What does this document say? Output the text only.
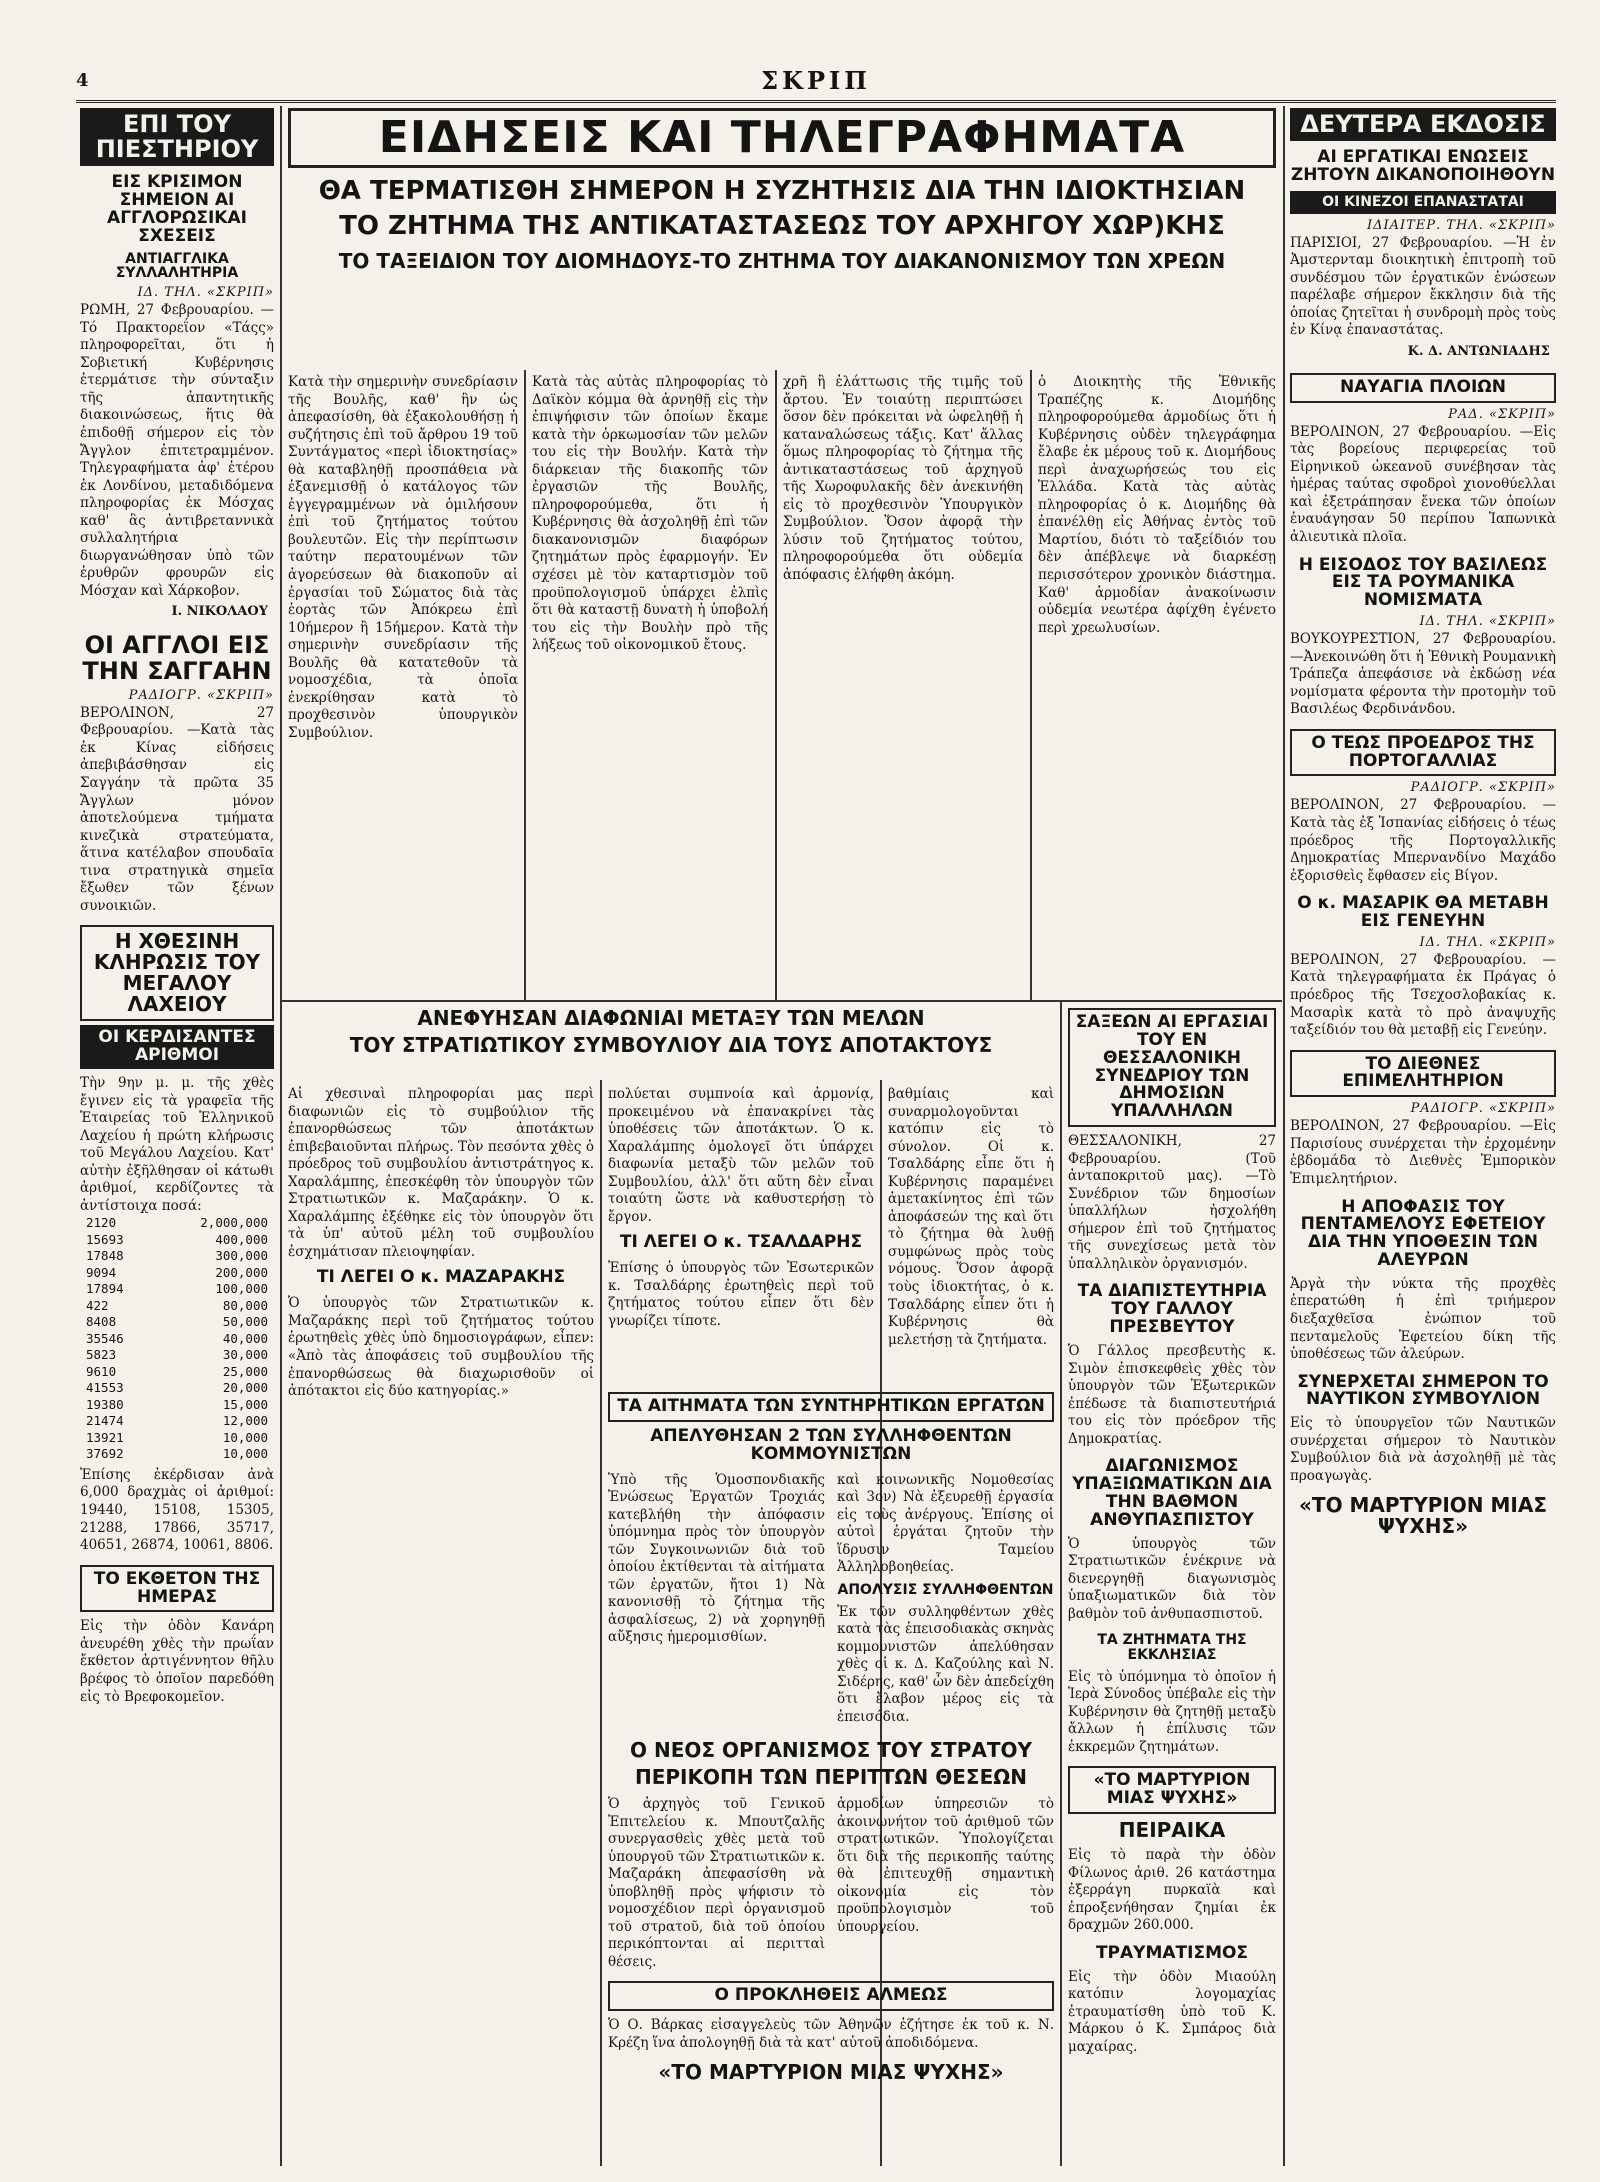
4	ΣΚΡΙΠ
ΕΠΙ ΤΟΥ ΠΙΕΣΤΗΡΙΟΥ
ΕΙΣ ΚΡΙΣΙΜΟΝ ΣΗΜΕΙΟΝ ΑΙ ΑΓΓΛΟΡΩΣΙΚΑΙ ΣΧΕΣΕΙΣ
ΑΝΤΙΑΓΓΛΙΚΑ ΣΥΛΛΑΛΗΤΗΡΙΑ
ΙΔ. ΤΗΛ. «ΣΚΡΙΠ»

ΡΩΜΗ, 27 Φεβρουαρίου. —Τό Πρακτορεΐον «Τάςς» πληροφορεῖται, ὅτι ἡ Σοβιετική Κυβέρνησις ἐτερμάτισε τὴν σύνταξιν τῆς ἀπαντητικῆς διακοινώσεως, ἥτις θὰ ἐπιδοθῇ σήμερον εἰς τὸν Ἄγγλον ἐπιτετραμμένον. Τηλεγραφήματα ἀφ' ἑτέρου ἐκ Λονδίνου, μεταδιδόμενα πληροφορίας ἐκ Μόσχας καθ' ἃς ἀντιβρεταννικὰ συλλαλητήρια διωργανώθησαν ὑπὸ τῶν ἐρυθρῶν φρουρῶν εἰς Μόσχαν καὶ Χάρκοβον.

Ι. ΝΙΚΟΛΑΟΥ
ΟΙ ΑΓΓΛΟΙ ΕΙΣ ΤΗΝ ΣΑΓΓΑΗΝ
ΡΑΔΙΟΓΡ. «ΣΚΡΙΠ»

ΒΕΡΟΛΙΝΟΝ, 27 Φεβρουαρίου. —Κατὰ τὰς ἐκ Κίνας εἰδήσεις ἀπεβιβάσθησαν εἰς Σαγγάην τὰ πρῶτα 35 Ἄγγλων μόνον ἀποτελούμενα τμήματα κινεζικὰ στρατεύματα, ἅτινα κατέλαβον σπουδαῖα τινα στρατηγικὰ σημεῖα ἔξωθεν τῶν ξένων συνοικιῶν.

Η ΧΘΕΣΙΝΗ ΚΛΗΡΩΣΙΣ ΤΟΥ ΜΕΓΑΛΟΥ ΛΑΧΕΙΟΥ
ΟΙ ΚΕΡΔΙΣΑΝΤΕΣ ΑΡΙΘΜΟΙ

Τὴν 9ην μ. μ. τῆς χθὲς ἔγινεν εἰς τὰ γραφεῖα τῆς Ἑταιρείας τοῦ Ἑλληνικοῦ Λαχείου ἡ πρώτη κλήρωσις τοῦ Μεγάλου Λαχείου. Κατ' αὐτὴν ἐξῆλθησαν οἱ κάτωθι ἀριθμοί, κερδίζοντες τὰ ἀντίστοιχα ποσά:

2120	2,000,000
15693	400,000
17848	300,000
9094	200,000
17894	100,000
422	80,000
8408	50,000
35546	40,000
5823	30,000
9610	25,000
41553	20,000
19380	15,000
21474	12,000
13921	10,000
37692	10,000

Ἐπίσης ἐκέρδισαν ἀνὰ 6,000 δραχμὰς οἱ ἀριθμοί: 19440, 15108, 15305, 21288, 17866, 35717, 40651, 26874, 10061, 8806.

ΤΟ ΕΚΘΕΤΟΝ ΤΗΣ ΗΜΕΡΑΣ

Εἰς τὴν ὁδὸν Κανάρη ἀνευρέθη χθὲς τὴν πρωΐαν ἔκθετον ἀρτιγέννητον θῆλυ βρέφος τὸ ὁποῖον παρεδόθη εἰς τὸ Βρεφοκομεῖον.

ΕΙΔΗΣΕΙΣ ΚΑΙ ΤΗΛΕΓΡΑΦΗΜΑΤΑ
ΘΑ ΤΕΡΜΑΤΙΣΘΗ ΣΗΜΕΡΟΝ Η ΣΥΖΗΤΗΣΙΣ ΔΙΑ ΤΗΝ ΙΔΙΟΚΤΗΣΙΑΝ
ΤΟ ΖΗΤΗΜΑ ΤΗΣ ΑΝΤΙΚΑΤΑΣΤΑΣΕΩΣ ΤΟΥ ΑΡΧΗΓΟΥ ΧΩΡ)ΚΗΣ
ΤΟ ΤΑΞΕΙΔΙΟΝ ΤΟΥ ΔΙΟΜΗΔΟΥΣ-ΤΟ ΖΗΤΗΜΑ ΤΟΥ ΔΙΑΚΑΝΟΝΙΣΜΟΥ ΤΩΝ ΧΡΕΩΝ

Κατὰ τὴν σημερινὴν συνεδρίασιν τῆς Βουλῆς, καθ' ἣν ὡς ἀπεφασίσθη, θὰ ἐξακολουθήσῃ ἡ συζήτησις ἐπὶ τοῦ ἄρθρου 19 τοῦ Συντάγματος «περὶ ἰδιοκτησίας» θὰ καταβληθῇ προσπάθεια νὰ ἐξανεμισθῇ ὁ κατάλογος τῶν ἐγγεγραμμένων νὰ ὁμιλήσουν ἐπὶ τοῦ ζητήματος τούτου βουλευτῶν. Εἰς τὴν περίπτωσιν ταύτην περατουμένων τῶν ἀγορεύσεων θὰ διακοποῦν αἱ ἐργασίαι τοῦ Σώματος διὰ τὰς ἑορτὰς τῶν Ἀπόκρεω ἐπὶ 10ήμερον ἢ 15ήμερον. Κατὰ τὴν σημερινὴν συνεδρίασιν τῆς Βουλῆς θὰ κατατεθοῦν τὰ νομοσχέδια, τὰ ὁποῖα ἐνεκρίθησαν κατὰ τὸ προχθεσινὸν ὑπουργικὸν Συμβούλιον.

Κατὰ τὰς αὐτὰς πληροφορίας τὸ Δαϊκὸν κόμμα θὰ ἀρνηθῇ εἰς τὴν ἐπιψήφισιν τῶν ὁποίων ἔκαμε κατὰ τὴν ὁρκωμοσίαν τῶν μελῶν του εἰς τὴν Βουλήν. Κατὰ τὴν διάρκειαν τῆς διακοπῆς τῶν ἐργασιῶν τῆς Βουλῆς, πληροφορούμεθα, ὅτι ἡ Κυβέρνησις θὰ ἀσχοληθῇ ἐπὶ τῶν διακανονισμῶν διαφόρων ζητημάτων πρὸς ἐφαρμογήν. Ἐν σχέσει μὲ τὸν καταρτισμὸν τοῦ προϋπολογισμοῦ ὑπάρχει ἐλπὶς ὅτι θὰ καταστῇ δυνατὴ ἡ ὑποβολή του εἰς τὴν Βουλὴν πρὸ τῆς λήξεως τοῦ οἰκονομικοῦ ἔτους.

χρῆ ἢ ἐλάττωσις τῆς τιμῆς τοῦ ἄρτου. Ἐν τοιαύτῃ περιπτώσει ὅσον δὲν πρόκειται νὰ ὠφεληθῇ ἡ καταναλώσεως τάξις. Κατ' ἄλλας ὅμως πληροφορίας τὸ ζήτημα τῆς ἀντικαταστάσεως τοῦ ἀρχηγοῦ τῆς Χωροφυλακῆς δὲν ἀνεκινήθη εἰς τὸ προχθεσινὸν Ὑπουργικὸν Συμβούλιον. Ὅσον ἀφορᾷ τὴν λύσιν τοῦ ζητήματος τούτου, πληροφορούμεθα ὅτι οὐδεμία ἀπόφασις ἐλήφθη ἀκόμη.

ὁ Διοικητὴς τῆς Ἐθνικῆς Τραπέζης κ. Διομήδης πληροφορούμεθα ἁρμοδίως ὅτι ἡ Κυβέρνησις οὐδὲν τηλεγράφημα ἔλαβε ἐκ μέρους τοῦ κ. Διομήδους περὶ ἀναχωρήσεώς του εἰς Ἑλλάδα. Κατὰ τὰς αὐτὰς πληροφορίας ὁ κ. Διομήδης θὰ ἐπανέλθῃ εἰς Ἀθήνας ἐντὸς τοῦ Μαρτίου, διότι τὸ ταξείδιόν του δὲν ἀπέβλεψε νὰ διαρκέσῃ περισσότερον χρονικὸν διάστημα. Καθ' ἁρμοδίαν ἀνακοίνωσιν οὐδεμία νεωτέρα ἀφίχθη ἐγένετο περὶ χρεωλυσίων.

ΑΝΕΦΥΗΣΑΝ ΔΙΑΦΩΝΙΑΙ ΜΕΤΑΞΥ ΤΩΝ ΜΕΛΩΝ
ΤΟΥ ΣΤΡΑΤΙΩΤΙΚΟΥ ΣΥΜΒΟΥΛΙΟΥ ΔΙΑ ΤΟΥΣ ΑΠΟΤΑΚΤΟΥΣ

Αἱ χθεσιναὶ πληροφορίαι μας περὶ διαφωνιῶν εἰς τὸ συμβούλιον τῆς ἐπανορθώσεως τῶν ἀποτάκτων ἐπιβεβαιοῦνται πλήρως. Τὸν πεσόντα χθὲς ὁ πρόεδρος τοῦ συμβουλίου ἀντιστράτηγος κ. Χαραλάμπης, ἐπεσκέφθη τὸν ὑπουργὸν τῶν Στρατιωτικῶν κ. Μαζαράκην. Ὁ κ. Χαραλάμπης ἐξέθηκε εἰς τὸν ὑπουργὸν ὅτι τὰ ὑπ' αὐτοῦ μέλη τοῦ συμβουλίου ἐσχημάτισαν πλειοψηφίαν.

ΤΙ ΛΕΓΕΙ Ο κ. ΜΑΖΑΡΑΚΗΣ

Ὁ ὑπουργὸς τῶν Στρατιωτικῶν κ. Μαζαράκης περὶ τοῦ ζητήματος τούτου ἐρωτηθεὶς χθὲς ὑπὸ δημοσιογράφων, εἶπεν: «Ἀπὸ τὰς ἀποφάσεις τοῦ συμβουλίου τῆς ἐπανορθώσεως θὰ διαχωρισθοῦν οἱ ἀπότακτοι εἰς δύο κατηγορίας.»

πολύεται συμπνοία καὶ ἁρμονίᾳ, προκειμένου νὰ ἐπανακρίνει τὰς ὑποθέσεις τῶν ἀποτάκτων. Ὁ κ. Χαραλάμπης ὁμολογεῖ ὅτι ὑπάρχει διαφωνία μεταξὺ τῶν μελῶν τοῦ Συμβουλίου, ἀλλ' ὅτι αὕτη δὲν εἶναι τοιαύτη ὥστε νὰ καθυστερήσῃ τὸ ἔργον.

ΤΙ ΛΕΓΕΙ Ο κ. ΤΣΑΛΔΑΡΗΣ

Ἐπίσης ὁ ὑπουργὸς τῶν Ἐσωτερικῶν κ. Τσαλδάρης ἐρωτηθεὶς περὶ τοῦ ζητήματος τούτου εἶπεν ὅτι δὲν γνωρίζει τίποτε.

βαθμίαις καὶ συναρμολογοῦνται κατόπιν εἰς τὸ σύνολον. Οἱ κ. Τσαλδάρης εἶπε ὅτι ἡ Κυβέρνησις παραμένει ἀμετακίνητος ἐπὶ τῶν ἀποφάσεών της καὶ ὅτι τὸ ζήτημα θὰ λυθῇ συμφώνως πρὸς τοὺς νόμους. Ὅσον ἀφορᾷ τοὺς ἰδιοκτήτας, ὁ κ. Τσαλδάρης εἶπεν ὅτι ἡ Κυβέρνησις θὰ μελετήσῃ τὰ ζητήματα.

ΤΑ ΑΙΤΗΜΑΤΑ ΤΩΝ ΣΥΝΤΗΡΗΤΙΚΩΝ ΕΡΓΑΤΩΝ
ΑΠΕΛΥΘΗΣΑΝ 2 ΤΩΝ ΣΥΛΛΗΦΘΕΝΤΩΝ ΚΟΜΜΟΥΝΙΣΤΩΝ

Ὑπὸ τῆς Ὁμοσπονδιακῆς Ἑνώσεως Ἐργατῶν Τροχιάς κατεβλήθη τὴν ἀπόφασιν ὑπόμνημα πρὸς τὸν ὑπουργὸν τῶν Συγκοινωνιῶν διὰ τοῦ ὁποίου ἐκτίθενται τὰ αἰτήματα τῶν ἐργατῶν, ἤτοι 1) Νὰ κανονισθῇ τὸ ζήτημα τῆς ἀσφαλίσεως, 2) νὰ χορηγηθῇ αὔξησις ἡμερομισθίων.

καὶ κοινωνικῆς Νομοθεσίας καὶ 3ον) Νὰ ἐξευρεθῇ ἐργασία εἰς τοὺς ἀνέργους. Ἐπίσης οἱ αὐτοὶ ἐργάται ζητοῦν τὴν ἵδρυσιν Ταμείου Ἀλληλοβοηθείας.

ΑΠΟΛΥΣΙΣ ΣΥΛΛΗΦΘΕΝΤΩΝ

Ἐκ τῶν συλληφθέντων χθὲς κατὰ τὰς ἐπεισοδιακὰς σκηνὰς κομμουνιστῶν ἀπελύθησαν χθὲς οἱ κ. Δ. Καζούλης καὶ Ν. Σιδέρης, καθ' ὧν δὲν ἀπεδείχθη ὅτι ἔλαβον μέρος εἰς τὰ ἐπεισόδια.

Ο ΝΕΟΣ ΟΡΓΑΝΙΣΜΟΣ ΤΟΥ ΣΤΡΑΤΟΥ
ΠΕΡΙΚΟΠΗ ΤΩΝ ΠΕΡΙΤΤΩΝ ΘΕΣΕΩΝ

Ὁ ἀρχηγὸς τοῦ Γενικοῦ Ἐπιτελείου κ. Μπουτζαλῆς συνεργασθεὶς χθὲς μετὰ τοῦ ὑπουργοῦ τῶν Στρατιωτικῶν κ. Μαζαράκη ἀπεφασίσθη νὰ ὑποβληθῇ πρὸς ψήφισιν τὸ νομοσχέδιον περὶ ὀργανισμοῦ τοῦ στρατοῦ, διὰ τοῦ ὁποίου περικόπτονται αἱ περιτταὶ θέσεις.

ἁρμοδίων ὑπηρεσιῶν τὸ ἀκοινωνήτον τοῦ ἀριθμοῦ τῶν στρατιωτικῶν. Ὑπολογίζεται ὅτι διὰ τῆς περικοπῆς ταύτης θὰ ἐπιτευχθῇ σημαντικὴ οἰκονομία εἰς τὸν προϋπολογισμὸν τοῦ ὑπουργείου.

Ο ΠΡΟΚΛΗΘΕΙΣ ΑΛΜΕΩΣ

Ὁ Ο. Βάρκας εἰσαγγελεὺς τῶν Ἀθηνῶν ἐζήτησε ἐκ τοῦ κ. Ν. Κρέζη ἵνα ἀπολογηθῇ διὰ τὰ κατ' αὐτοῦ ἀποδιδόμενα.

«ΤΟ ΜΑΡΤΥΡΙΟΝ ΜΙΑΣ ΨΥΧΗΣ»
ΣΑΞΕΩΝ ΑΙ ΕΡΓΑΣΙΑΙ ΤΟΥ ΕΝ ΘΕΣΣΑΛΟΝΙΚΗ ΣΥΝΕΔΡΙΟΥ ΤΩΝ ΔΗΜΟΣΙΩΝ ΥΠΑΛΛΗΛΩΝ

ΘΕΣΣΑΛΟΝΙΚΗ, 27 Φεβρουαρίου. (Τοῦ ἀνταποκριτοῦ μας). —Τὸ Συνέδριον τῶν δημοσίων ὑπαλλήλων ἠσχολήθη σήμερον ἐπὶ τοῦ ζητήματος τῆς συνεχίσεως μετὰ τὸν ὑπαλληλικὸν ὀργανισμόν.

ΤΑ ΔΙΑΠΙΣΤΕΥΤΗΡΙΑ ΤΟΥ ΓΑΛΛΟΥ ΠΡΕΣΒΕΥΤΟΥ

Ὁ Γάλλος πρεσβευτὴς κ. Σιμὸν ἐπισκεφθεὶς χθὲς τὸν ὑπουργὸν τῶν Ἐξωτερικῶν ἐπέδωσε τὰ διαπιστευτήριά του εἰς τὸν πρόεδρον τῆς Δημοκρατίας.

ΔΙΑΓΩΝΙΣΜΟΣ ΥΠΑΞΙΩΜΑΤΙΚΩΝ ΔΙΑ ΤΗΝ ΒΑΘΜΟΝ ΑΝΘΥΠΑΣΠΙΣΤΟΥ

Ὁ ὑπουργὸς τῶν Στρατιωτικῶν ἐνέκρινε νὰ διενεργηθῇ διαγωνισμὸς ὑπαξιωματικῶν διὰ τὸν βαθμὸν τοῦ ἀνθυπασπιστοῦ.

ΤΑ ΖΗΤΗΜΑΤΑ ΤΗΣ ΕΚΚΛΗΣΙΑΣ

Εἰς τὸ ὑπόμνημα τὸ ὁποῖον ἡ Ἱερὰ Σύνοδος ὑπέβαλε εἰς τὴν Κυβέρνησιν θὰ ζητηθῇ μεταξὺ ἄλλων ἡ ἐπίλυσις τῶν ἐκκρεμῶν ζητημάτων.

«ΤΟ ΜΑΡΤΥΡΙΟΝ ΜΙΑΣ ΨΥΧΗΣ»
ΠΕΙΡΑΙΚΑ

Εἰς τὸ παρὰ τὴν ὁδὸν Φίλωνος ἀριθ. 26 κατάστημα ἐξερράγη πυρκαϊὰ καὶ ἐπροξενήθησαν ζημίαι ἐκ δραχμῶν 260.000.

ΤΡΑΥΜΑΤΙΣΜΟΣ

Εἰς τὴν ὁδὸν Μιαούλη κατόπιν λογομαχίας ἐτραυματίσθη ὑπὸ τοῦ Κ. Μάρκου ὁ Κ. Σμπάρος διὰ μαχαίρας.

ΔΕΥΤΕΡΑ ΕΚΔΟΣΙΣ
ΑΙ ΕΡΓΑΤΙΚΑΙ ΕΝΩΣΕΙΣ ΖΗΤΟΥΝ ΔΙΚΑΝΟΠΟΙΗΘΟΥΝ
ΟΙ ΚΙΝΕΖΟΙ ΕΠΑΝΑΣΤΑΤΑΙ
ΙΔΙΑΙΤΕΡ. ΤΗΛ. «ΣΚΡΙΠ»

ΠΑΡΙΣΙΟΙ, 27 Φεβρουαρίου. —Ἡ ἐν Ἀμστερνταμ διοικητικὴ ἐπιτροπὴ τοῦ συνδέσμου τῶν ἐργατικῶν ἑνώσεων παρέλαβε σήμερον ἔκκλησιν διὰ τῆς ὁποίας ζητεῖται ἡ συνδρομὴ πρὸς τοὺς ἐν Κίνᾳ ἐπαναστάτας.

Κ. Δ. ΑΝΤΩΝΙΑΔΗΣ
ΝΑΥΑΓΙΑ ΠΛΟΙΩΝ
ΡΑΔ. «ΣΚΡΙΠ»

ΒΕΡΟΛΙΝΟΝ, 27 Φεβρουαρίου. —Εἰς τὰς βορείους περιφερείας τοῦ Εἰρηνικοῦ ὠκεανοῦ συνέβησαν τὰς ἡμέρας ταύτας σφοδροὶ χιονοθύελλαι καὶ ἐξετράπησαν ἔνεκα τῶν ὁποίων ἐναυάγησαν 50 περίπου Ἰαπωνικὰ ἁλιευτικὰ πλοῖα.

Η ΕΙΣΟΔΟΣ ΤΟΥ ΒΑΣΙΛΕΩΣ ΕΙΣ ΤΑ ΡΟΥΜΑΝΙΚΑ ΝΟΜΙΣΜΑΤΑ
ΙΔ. ΤΗΛ. «ΣΚΡΙΠ»

ΒΟΥΚΟΥΡΕΣΤΙΟΝ, 27 Φεβρουαρίου. —Ἀνεκοινώθη ὅτι ἡ Ἐθνικὴ Ρουμανικὴ Τράπεζα ἀπεφάσισε νὰ ἐκδώσῃ νέα νομίσματα φέροντα τὴν προτομὴν τοῦ Βασιλέως Φερδινάνδου.

Ο ΤΕΩΣ ΠΡΟΕΔΡΟΣ ΤΗΣ ΠΟΡΤΟΓΑΛΛΙΑΣ
ΡΑΔΙΟΓΡ. «ΣΚΡΙΠ»

ΒΕΡΟΛΙΝΟΝ, 27 Φεβρουαρίου. —Κατὰ τὰς ἐξ Ἱσπανίας εἰδήσεις ὁ τέως πρόεδρος τῆς Πορτογαλλικῆς Δημοκρατίας Μπερνανδίνο Μαχάδο ἐξορισθεὶς ἔφθασεν εἰς Βίγον.

Ο κ. ΜΑΣΑΡΙΚ ΘΑ ΜΕΤΑΒΗ ΕΙΣ ΓΕΝΕΥΗΝ
ΙΔ. ΤΗΛ. «ΣΚΡΙΠ»

ΒΕΡΟΛΙΝΟΝ, 27 Φεβρουαρίου. —Κατὰ τηλεγραφήματα ἐκ Πράγας ὁ πρόεδρος τῆς Τσεχοσλοβακίας κ. Μασαρὶκ κατὰ τὸ πρὸ ἀναψυχῆς ταξείδιόν του θὰ μεταβῇ εἰς Γενεύην.

ΤΟ ΔΙΕΘΝΕΣ ΕΠΙΜΕΛΗΤΗΡΙΟΝ
ΡΑΔΙΟΓΡ. «ΣΚΡΙΠ»

ΒΕΡΟΛΙΝΟΝ, 27 Φεβρουαρίου. —Εἰς Παρισίους συνέρχεται τὴν ἐρχομένην ἑβδομάδα τὸ Διεθνὲς Ἐμπορικὸν Ἐπιμελητήριον.

Η ΑΠΟΦΑΣΙΣ ΤΟΥ ΠΕΝΤΑΜΕΛΟΥΣ ΕΦΕΤΕΙΟΥ ΔΙΑ ΤΗΝ ΥΠΟΘΕΣΙΝ ΤΩΝ ΑΛΕΥΡΩΝ

Ἀργὰ τὴν νύκτα τῆς προχθὲς ἐπερατώθη ἡ ἐπὶ τριήμερον διεξαχθεῖσα ἐνώπιον τοῦ πενταμελοῦς Ἐφετείου δίκη τῆς ὑποθέσεως τῶν ἀλεύρων.

ΣΥΝΕΡΧΕΤΑΙ ΣΗΜΕΡΟΝ ΤΟ ΝΑΥΤΙΚΟΝ ΣΥΜΒΟΥΛΙΟΝ

Εἰς τὸ ὑπουργεῖον τῶν Ναυτικῶν συνέρχεται σήμερον τὸ Ναυτικὸν Συμβούλιον διὰ νὰ ἀσχοληθῇ μὲ τὰς προαγωγὰς.

«ΤΟ ΜΑΡΤΥΡΙΟΝ ΜΙΑΣ ΨΥΧΗΣ»
